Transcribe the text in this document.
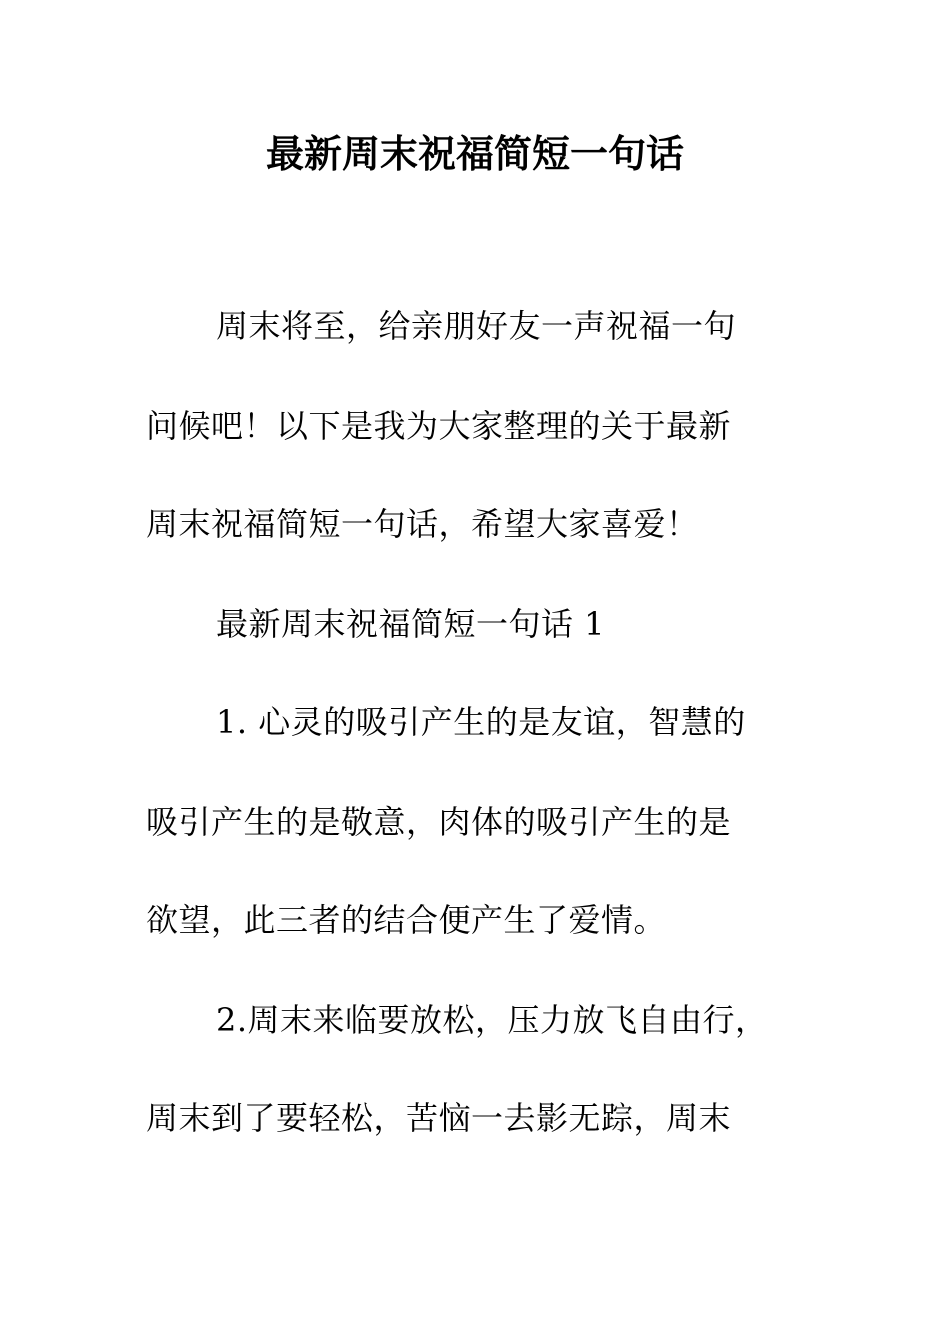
最新周末祝福简短一句话

周末将至，给亲朋好友一声祝福一句

问候吧！以下是我为大家整理的关于最新

周末祝福简短一句话，希望大家喜爱！

最新周末祝福简短一句话 1

1. 心灵的吸引产生的是友谊，智慧的

吸引产生的是敬意，肉体的吸引产生的是

欲望，此三者的结合便产生了爱情。

2.周末来临要放松，压力放飞自由行，

周末到了要轻松，苦恼一去影无踪，周末
